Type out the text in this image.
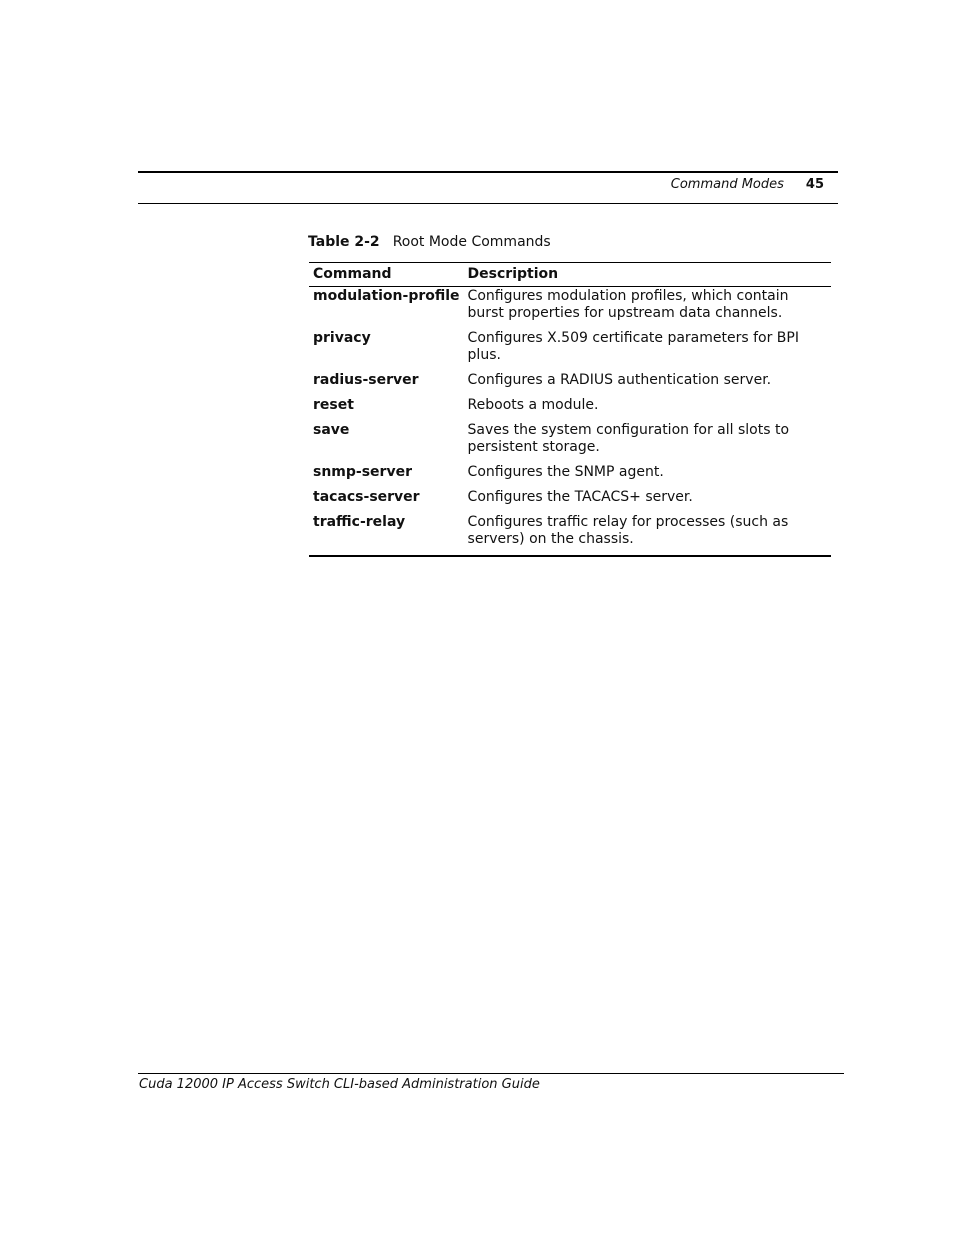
Command Modes 45
Table 2-2 Root Mode Commands
Command	Description
modulation-profile	Configures modulation profiles, which contain burst properties for upstream data channels.
privacy	Configures X.509 certificate parameters for BPI plus.
radius-server	Configures a RADIUS authentication server.
reset	Reboots a module.
save	Saves the system configuration for all slots to persistent storage.
snmp-server	Configures the SNMP agent.
tacacs-server	Configures the TACACS+ server.
traffic-relay	Configures traffic relay for processes (such as servers) on the chassis.
Cuda 12000 IP Access Switch CLI-based Administration Guide
